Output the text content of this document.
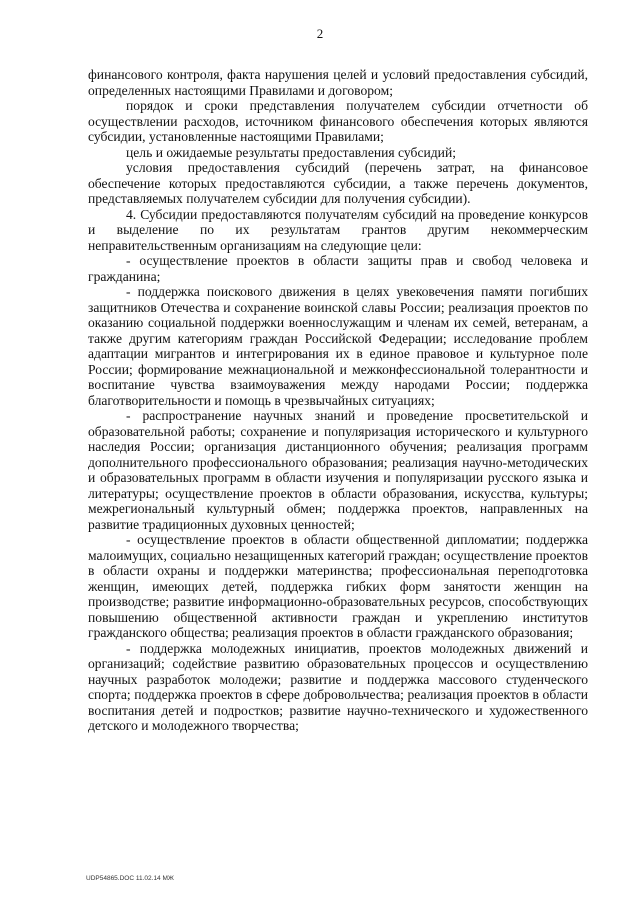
2

финансового контроля, факта нарушения целей и условий предоставления субсидий, определенных настоящими Правилами и договором;

порядок и сроки представления получателем субсидии отчетности об осуществлении расходов, источником финансового обеспечения которых являются субсидии, установленные настоящими Правилами;

цель и ожидаемые результаты предоставления субсидий;

условия предоставления субсидий (перечень затрат, на финансовое обеспечение которых предоставляются субсидии, а также перечень документов, представляемых получателем субсидии для получения субсидии).

4. Субсидии предоставляются получателям субсидий на проведение конкурсов и выделение по их результатам грантов другим некоммерческим неправительственным организациям на следующие цели:

- осуществление проектов в области защиты прав и свобод человека и гражданина;

- поддержка поискового движения в целях увековечения памяти погибших защитников Отечества и сохранение воинской славы России; реализация проектов по оказанию социальной поддержки военнослужащим и членам их семей, ветеранам, а также другим категориям граждан Российской Федерации; исследование проблем адаптации мигрантов и интегрирования их в единое правовое и культурное поле России; формирование межнациональной и межконфессиональной толерантности и воспитание чувства взаимоуважения между народами России; поддержка благотворительности и помощь в чрезвычайных ситуациях;

- распространение научных знаний и проведение просветительской и образовательной работы; сохранение и популяризация исторического и культурного наследия России; организация дистанционного обучения; реализация программ дополнительного профессионального образования; реализация научно-методических и образовательных программ в области изучения и популяризации русского языка и литературы; осуществление проектов в области образования, искусства, культуры; межрегиональный культурный обмен; поддержка проектов, направленных на развитие традиционных духовных ценностей;

- осуществление проектов в области общественной дипломатии; поддержка малоимущих, социально незащищенных категорий граждан; осуществление проектов в области охраны и поддержки материнства; профессиональная переподготовка женщин, имеющих детей, поддержка гибких форм занятости женщин на производстве; развитие информационно-образовательных ресурсов, способствующих повышению общественной активности граждан и укреплению институтов гражданского общества; реализация проектов в области гражданского образования;

- поддержка молодежных инициатив, проектов молодежных движений и организаций; содействие развитию образовательных процессов и осуществлению научных разработок молодежи; развитие и поддержка массового студенческого спорта; поддержка проектов в сфере добровольчества; реализация проектов в области воспитания детей и подростков; развитие научно-технического и художественного детского и молодежного творчества;

UDP54865.DOC 11.02.14 МЖ
